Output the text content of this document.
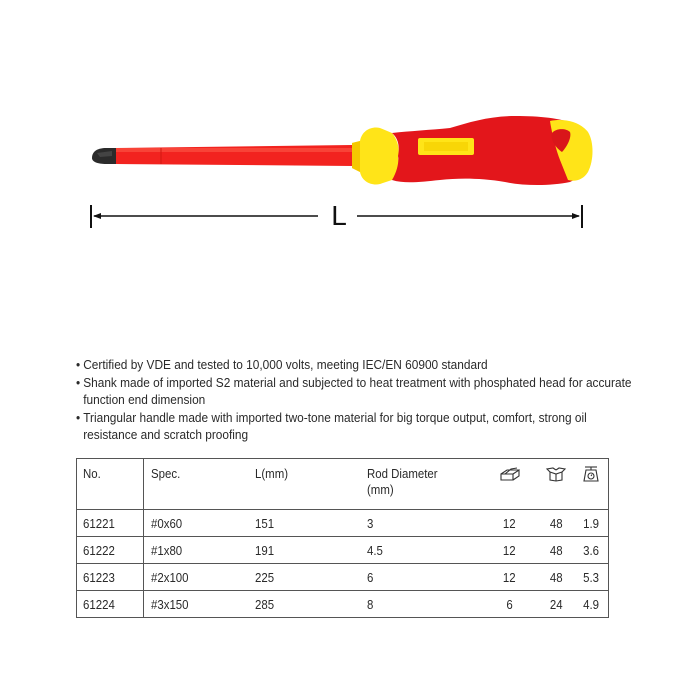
L
• Certified by VDE and tested to 10,000 volts, meeting IEC/EN 60900 standard
• Shank made of imported S2 material and subjected to heat treatment with phosphated head for accurate function end dimension
• Triangular handle made with imported two-tone material for big torque output, comfort, strong oil resistance and scratch proofing
No.	Spec.	L(mm)	Rod Diameter
(mm)			
61221	#0x60	151	3	12	48	1.9
61222	#1x80	191	4.5	12	48	3.6
61223	#2x100	225	6	12	48	5.3
61224	#3x150	285	8	6	24	4.9
